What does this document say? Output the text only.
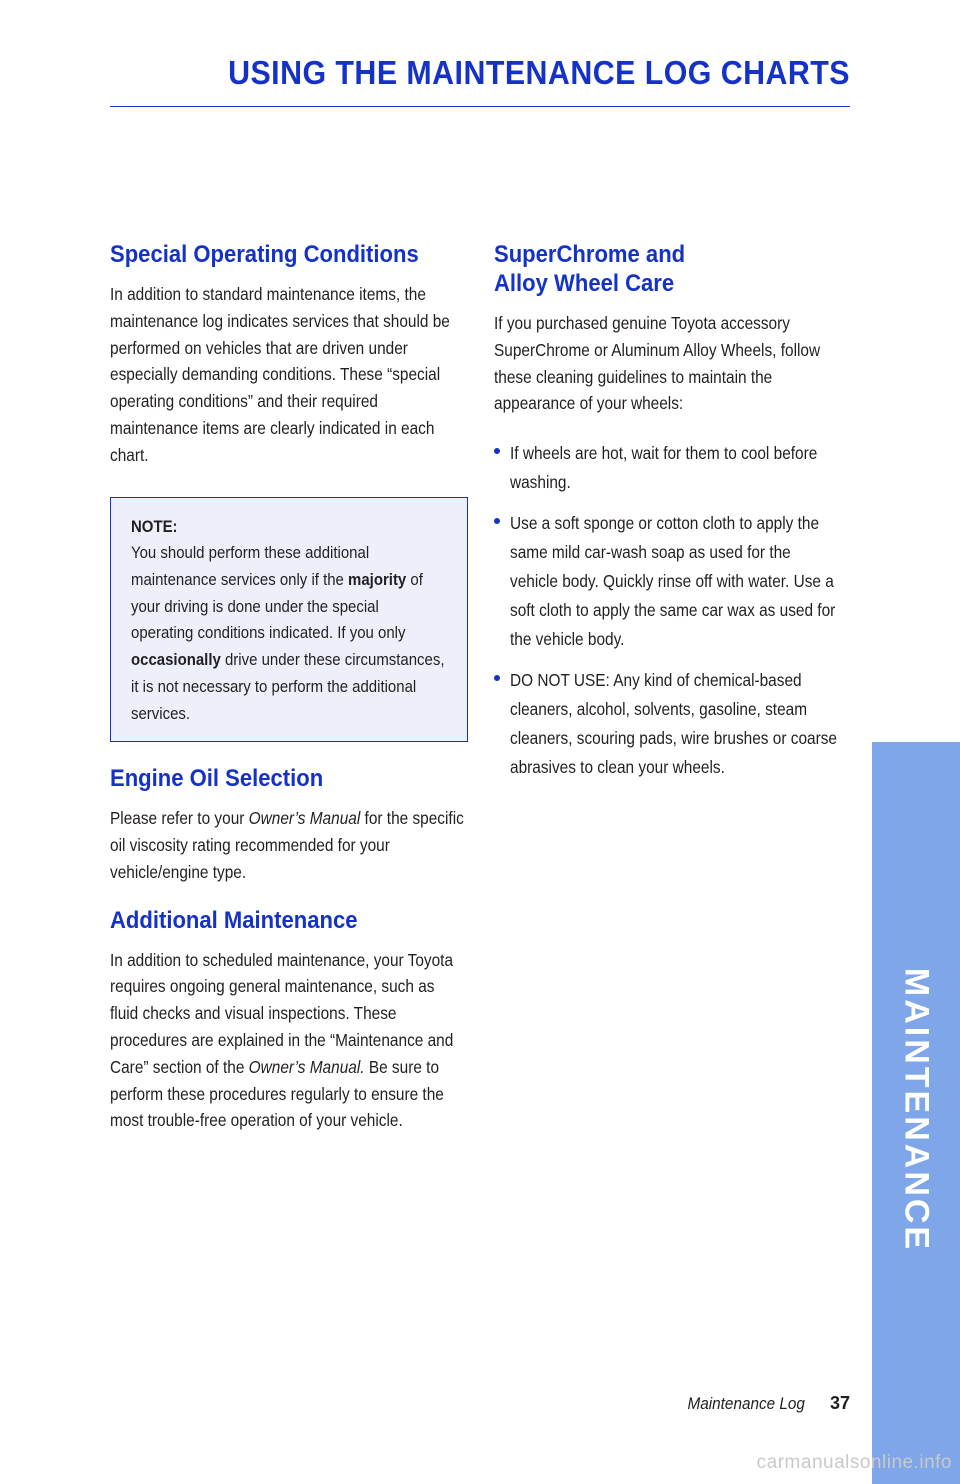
USING THE MAINTENANCE LOG CHARTS
Special Operating Conditions

In addition to standard maintenance items, the maintenance log indicates services that should be performed on vehicles that are driven under especially demanding conditions. These “special operating conditions” and their required maintenance items are clearly indicated in each chart.

NOTE:
You should perform these additional maintenance services only if the majority of your driving is done under the special operating conditions indicated. If you only occasionally drive under these circumstances, it is not necessary to perform the additional services.

Engine Oil Selection

Please refer to your Owner’s Manual for the specific oil viscosity rating recommended for your vehicle/engine type.

Additional Maintenance

In addition to scheduled maintenance, your Toyota requires ongoing general maintenance, such as fluid checks and visual inspections. These procedures are explained in the “Maintenance and Care” section of the Owner’s Manual. Be sure to perform these procedures regularly to ensure the most trouble-free operation of your vehicle.

SuperChrome and
Alloy Wheel Care

If you purchased genuine Toyota accessory SuperChrome or Aluminum Alloy Wheels, follow these cleaning guidelines to maintain the appearance of your wheels:

If wheels are hot, wait for them to cool before washing.

Use a soft sponge or cotton cloth to apply the same mild car-wash soap as used for the vehicle body. Quickly rinse off with water. Use a soft cloth to apply the same car wax as used for the vehicle body.

DO NOT USE: Any kind of chemical-based cleaners, alcohol, solvents, gasoline, steam cleaners, scouring pads, wire brushes or coarse abrasives to clean your wheels.

MAINTENANCE
Maintenance Log 37
carmanualsonline.info
